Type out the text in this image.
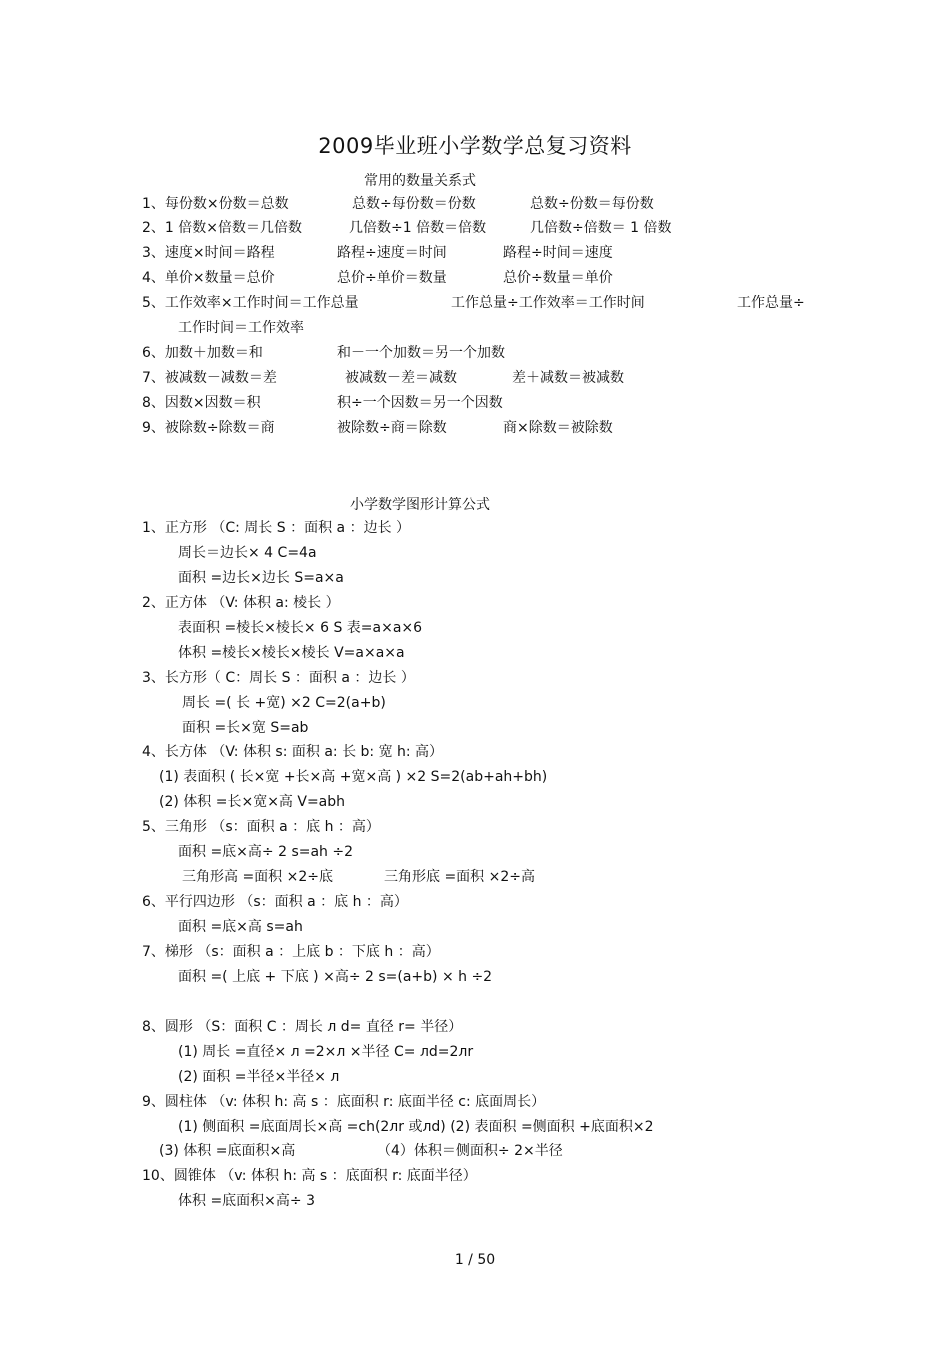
2009毕业班小学数学总复习资料
常用的数量关系式
1、每份数×份数＝总数	总数÷每份数＝份数	总数÷份数＝每份数
2、1 倍数×倍数＝几倍数	几倍数÷1 倍数＝倍数	几倍数÷倍数＝ 1 倍数
3、速度×时间＝路程	路程÷速度＝时间	路程÷时间＝速度
4、单价×数量＝总价	总价÷单价＝数量	总价÷数量＝单价
5、工作效率×工作时间＝工作总量	工作总量÷工作效率＝工作时间	工作总量÷
工作时间＝工作效率
6、加数＋加数＝和	和－一个加数＝另一个加数
7、被减数－减数＝差	被减数－差＝减数	差＋减数＝被减数
8、因数×因数＝积	积÷一个因数＝另一个因数
9、被除数÷除数＝商	被除数÷商＝除数	商×除数＝被除数
小学数学图形计算公式
1、正方形 （C: 周长 S ：面积 a ：边长 ）
周长＝边长× 4 C=4a
面积 =边长×边长 S=a×a
2、正方体 （V: 体积 a: 棱长 ）
表面积 =棱长×棱长× 6 S 表=a×a×6
体积 =棱长×棱长×棱长 V=a×a×a
3、长方形（ C：周长 S ：面积 a ：边长 ）
周长 =( 长 +宽) ×2 C=2(a+b)
面积 =长×宽 S=ab
4、长方体 （V: 体积 s: 面积 a: 长 b: 宽 h: 高）
(1) 表面积 ( 长×宽 +长×高 +宽×高 ) ×2 S=2(ab+ah+bh)
(2) 体积 =长×宽×高 V=abh
5、三角形 （s：面积 a ：底 h ：高）
面积 =底×高÷ 2 s=ah ÷2
三角形高 =面积 ×2÷底	三角形底 =面积 ×2÷高
6、平行四边形 （s：面积 a ：底 h ：高）
面积 =底×高 s=ah
7、梯形 （s：面积 a ：上底 b ：下底 h ：高）
面积 =( 上底 + 下底 ) ×高÷ 2 s=(a+b) × h ÷2
8、圆形 （S：面积 C ：周长 л d= 直径 r= 半径）
(1) 周长 =直径× л =2×л ×半径 C= лd=2лr
(2) 面积 =半径×半径× л
9、圆柱体 （v: 体积 h: 高 s ：底面积 r: 底面半径 c: 底面周长）
(1) 侧面积 =底面周长×高 =ch(2лr 或лd) (2) 表面积 =侧面积 +底面积×2
(3) 体积 =底面积×高	（4）体积＝侧面积÷ 2×半径
10、圆锥体 （v: 体积 h: 高 s ：底面积 r: 底面半径）
体积 =底面积×高÷ 3
1 / 50
